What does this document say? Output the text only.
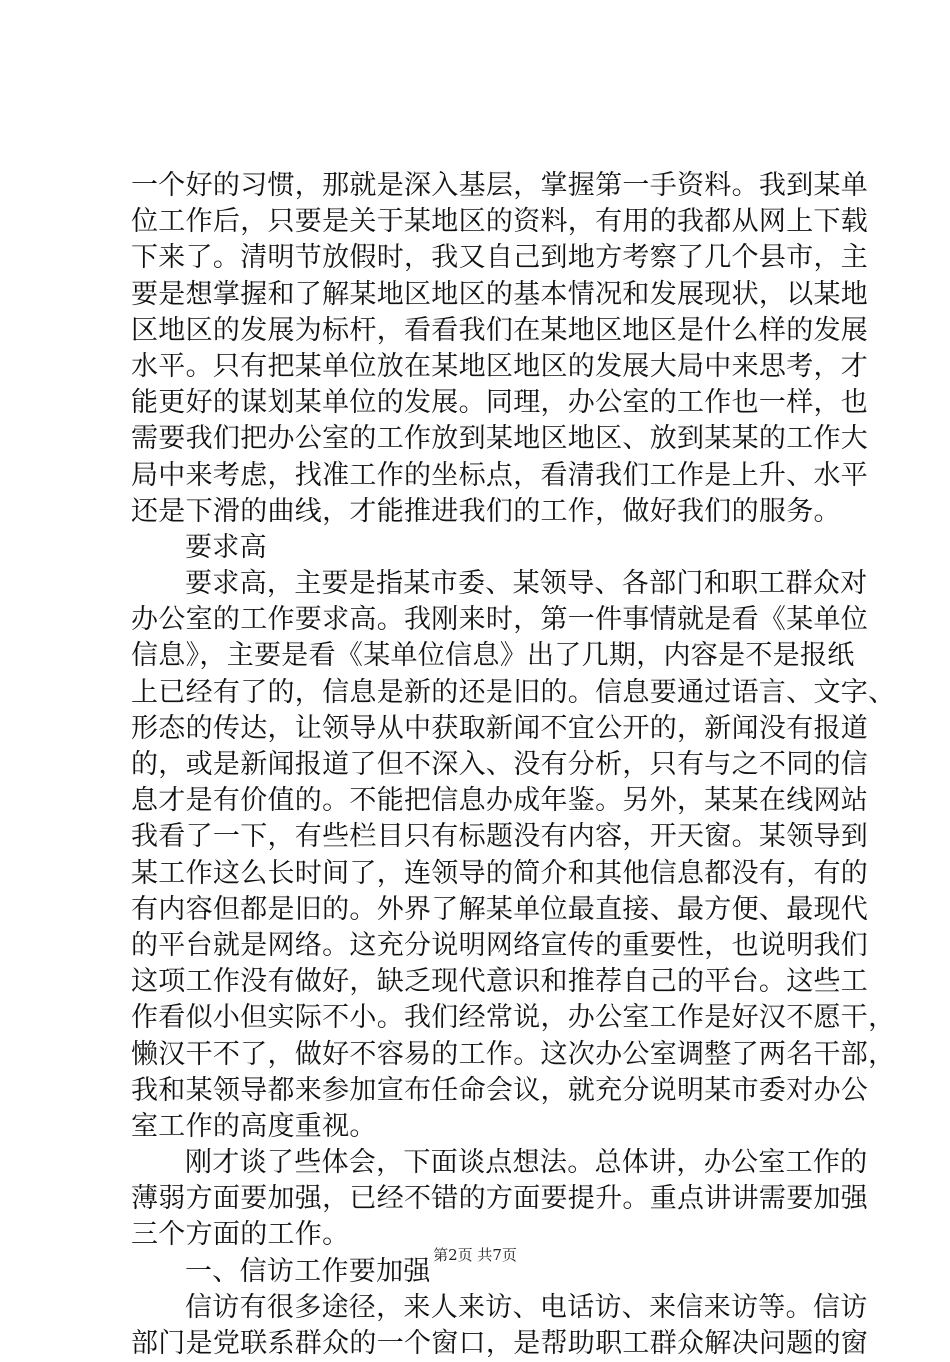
一个好的习惯，那就是深入基层，掌握第一手资料。我到某单
位工作后，只要是关于某地区的资料，有用的我都从网上下载
下来了。清明节放假时，我又自己到地方考察了几个县市，主
要是想掌握和了解某地区地区的基本情况和发展现状，以某地
区地区的发展为标杆，看看我们在某地区地区是什么样的发展
水平。只有把某单位放在某地区地区的发展大局中来思考，才
能更好的谋划某单位的发展。同理，办公室的工作也一样，也
需要我们把办公室的工作放到某地区地区、放到某某的工作大
局中来考虑，找准工作的坐标点，看清我们工作是上升、水平
还是下滑的曲线，才能推进我们的工作，做好我们的服务。
要求高
要求高，主要是指某市委、某领导、各部门和职工群众对
办公室的工作要求高。我刚来时，第一件事情就是看《某单位
信息》，主要是看《某单位信息》出了几期，内容是不是报纸
上已经有了的，信息是新的还是旧的。信息要通过语言、文字、
形态的传达，让领导从中获取新闻不宜公开的，新闻没有报道
的，或是新闻报道了但不深入、没有分析，只有与之不同的信
息才是有价值的。不能把信息办成年鉴。另外，某某在线网站
我看了一下，有些栏目只有标题没有内容，开天窗。某领导到
某工作这么长时间了，连领导的简介和其他信息都没有，有的
有内容但都是旧的。外界了解某单位最直接、最方便、最现代
的平台就是网络。这充分说明网络宣传的重要性，也说明我们
这项工作没有做好，缺乏现代意识和推荐自己的平台。这些工
作看似小但实际不小。我们经常说，办公室工作是好汉不愿干，
懒汉干不了，做好不容易的工作。这次办公室调整了两名干部，
我和某领导都来参加宣布任命会议，就充分说明某市委对办公
室工作的高度重视。
刚才谈了些体会，下面谈点想法。总体讲，办公室工作的
薄弱方面要加强，已经不错的方面要提升。重点讲讲需要加强
三个方面的工作。
一、信访工作要加强
信访有很多途径，来人来访、电话访、来信来访等。信访
部门是党联系群众的一个窗口，是帮助职工群众解决问题的窗
第2页 共7页
